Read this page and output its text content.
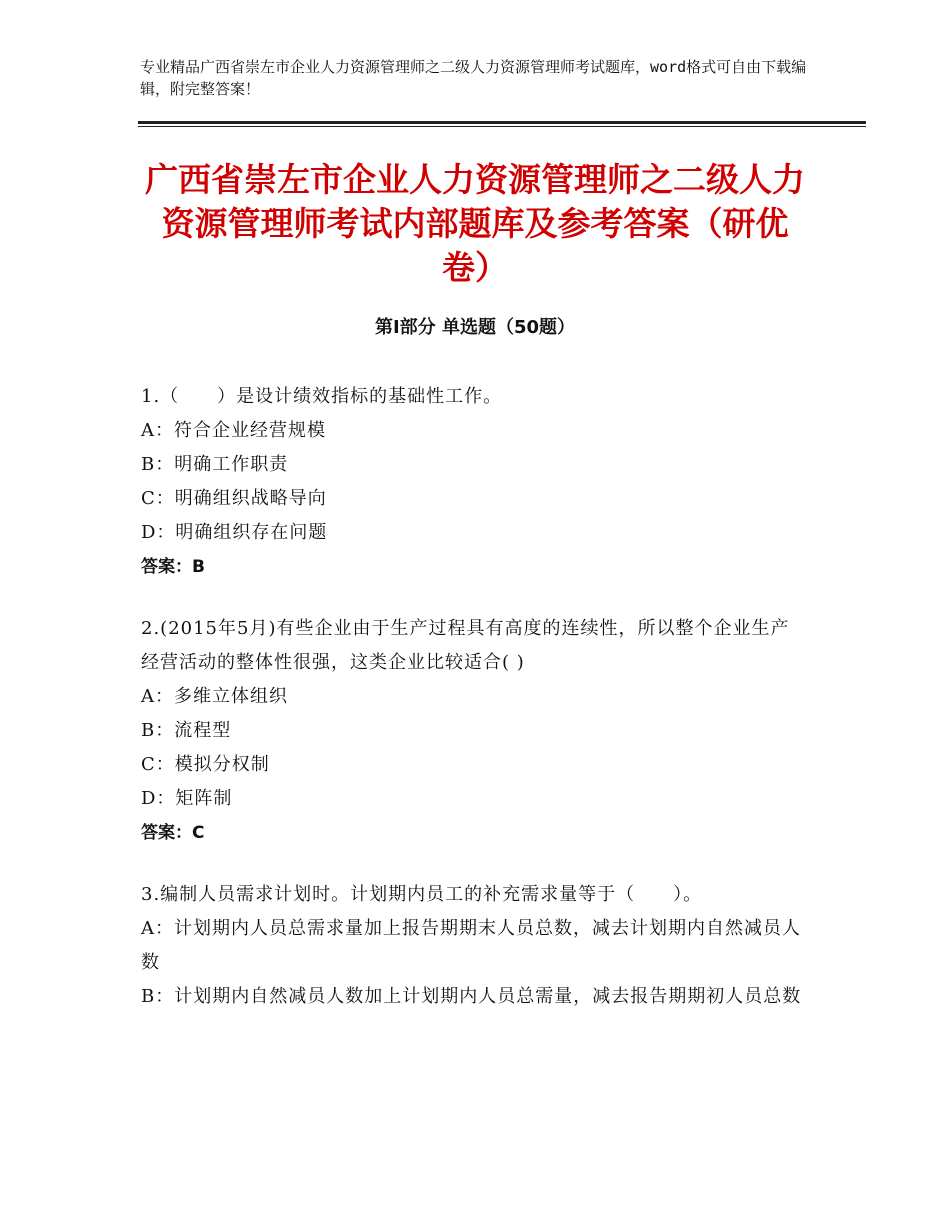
专业精品广西省崇左市企业人力资源管理师之二级人力资源管理师考试题库，word格式可自由下载编辑，附完整答案！
广西省崇左市企业人力资源管理师之二级人力资源管理师考试内部题库及参考答案（研优卷）
第Ⅰ部分 单选题（50题）
1.（　　）是设计绩效指标的基础性工作。
A：符合企业经营规模
B：明确工作职责
C：明确组织战略导向
D：明确组织存在问题
答案：B
2.(2015年5月)有些企业由于生产过程具有高度的连续性，所以整个企业生产经营活动的整体性很强，这类企业比较适合( )
A：多维立体组织
B：流程型
C：模拟分权制
D：矩阵制
答案：C
3.编制人员需求计划时。计划期内员工的补充需求量等于（　　）。
A：计划期内人员总需求量加上报告期期末人员总数，减去计划期内自然减员人数
B：计划期内自然减员人数加上计划期内人员总需量，减去报告期期初人员总数
